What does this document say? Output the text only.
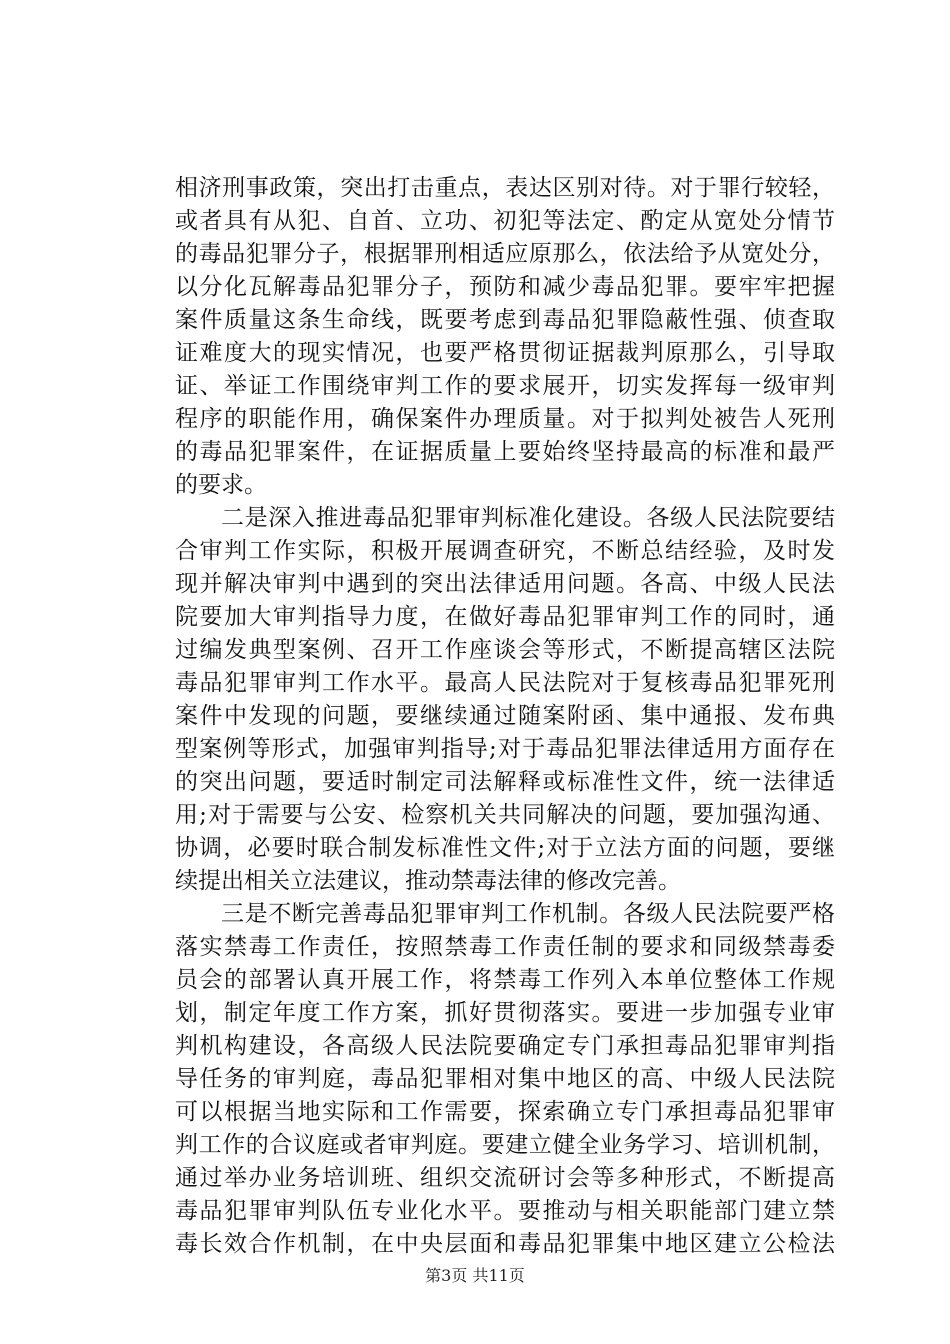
相济刑事政策，突出打击重点，表达区别对待。对于罪行较轻，
或者具有从犯、自首、立功、初犯等法定、酌定从宽处分情节
的毒品犯罪分子，根据罪刑相适应原那么，依法给予从宽处分，
以分化瓦解毒品犯罪分子，预防和减少毒品犯罪。要牢牢把握
案件质量这条生命线，既要考虑到毒品犯罪隐蔽性强、侦查取
证难度大的现实情况，也要严格贯彻证据裁判原那么，引导取
证、举证工作围绕审判工作的要求展开，切实发挥每一级审判
程序的职能作用，确保案件办理质量。对于拟判处被告人死刑
的毒品犯罪案件，在证据质量上要始终坚持最高的标准和最严
的要求。
二是深入推进毒品犯罪审判标准化建设。各级人民法院要结
合审判工作实际，积极开展调查研究，不断总结经验，及时发
现并解决审判中遇到的突出法律适用问题。各高、中级人民法
院要加大审判指导力度，在做好毒品犯罪审判工作的同时，通
过编发典型案例、召开工作座谈会等形式，不断提高辖区法院
毒品犯罪审判工作水平。最高人民法院对于复核毒品犯罪死刑
案件中发现的问题，要继续通过随案附函、集中通报、发布典
型案例等形式，加强审判指导;对于毒品犯罪法律适用方面存在
的突出问题，要适时制定司法解释或标准性文件，统一法律适
用;对于需要与公安、检察机关共同解决的问题，要加强沟通、
协调，必要时联合制发标准性文件;对于立法方面的问题，要继
续提出相关立法建议，推动禁毒法律的修改完善。
三是不断完善毒品犯罪审判工作机制。各级人民法院要严格
落实禁毒工作责任，按照禁毒工作责任制的要求和同级禁毒委
员会的部署认真开展工作，将禁毒工作列入本单位整体工作规
划，制定年度工作方案，抓好贯彻落实。要进一步加强专业审
判机构建设，各高级人民法院要确定专门承担毒品犯罪审判指
导任务的审判庭，毒品犯罪相对集中地区的高、中级人民法院
可以根据当地实际和工作需要，探索确立专门承担毒品犯罪审
判工作的合议庭或者审判庭。要建立健全业务学习、培训机制，
通过举办业务培训班、组织交流研讨会等多种形式，不断提高
毒品犯罪审判队伍专业化水平。要推动与相关职能部门建立禁
毒长效合作机制，在中央层面和毒品犯罪集中地区建立公检法
第3页 共11页
